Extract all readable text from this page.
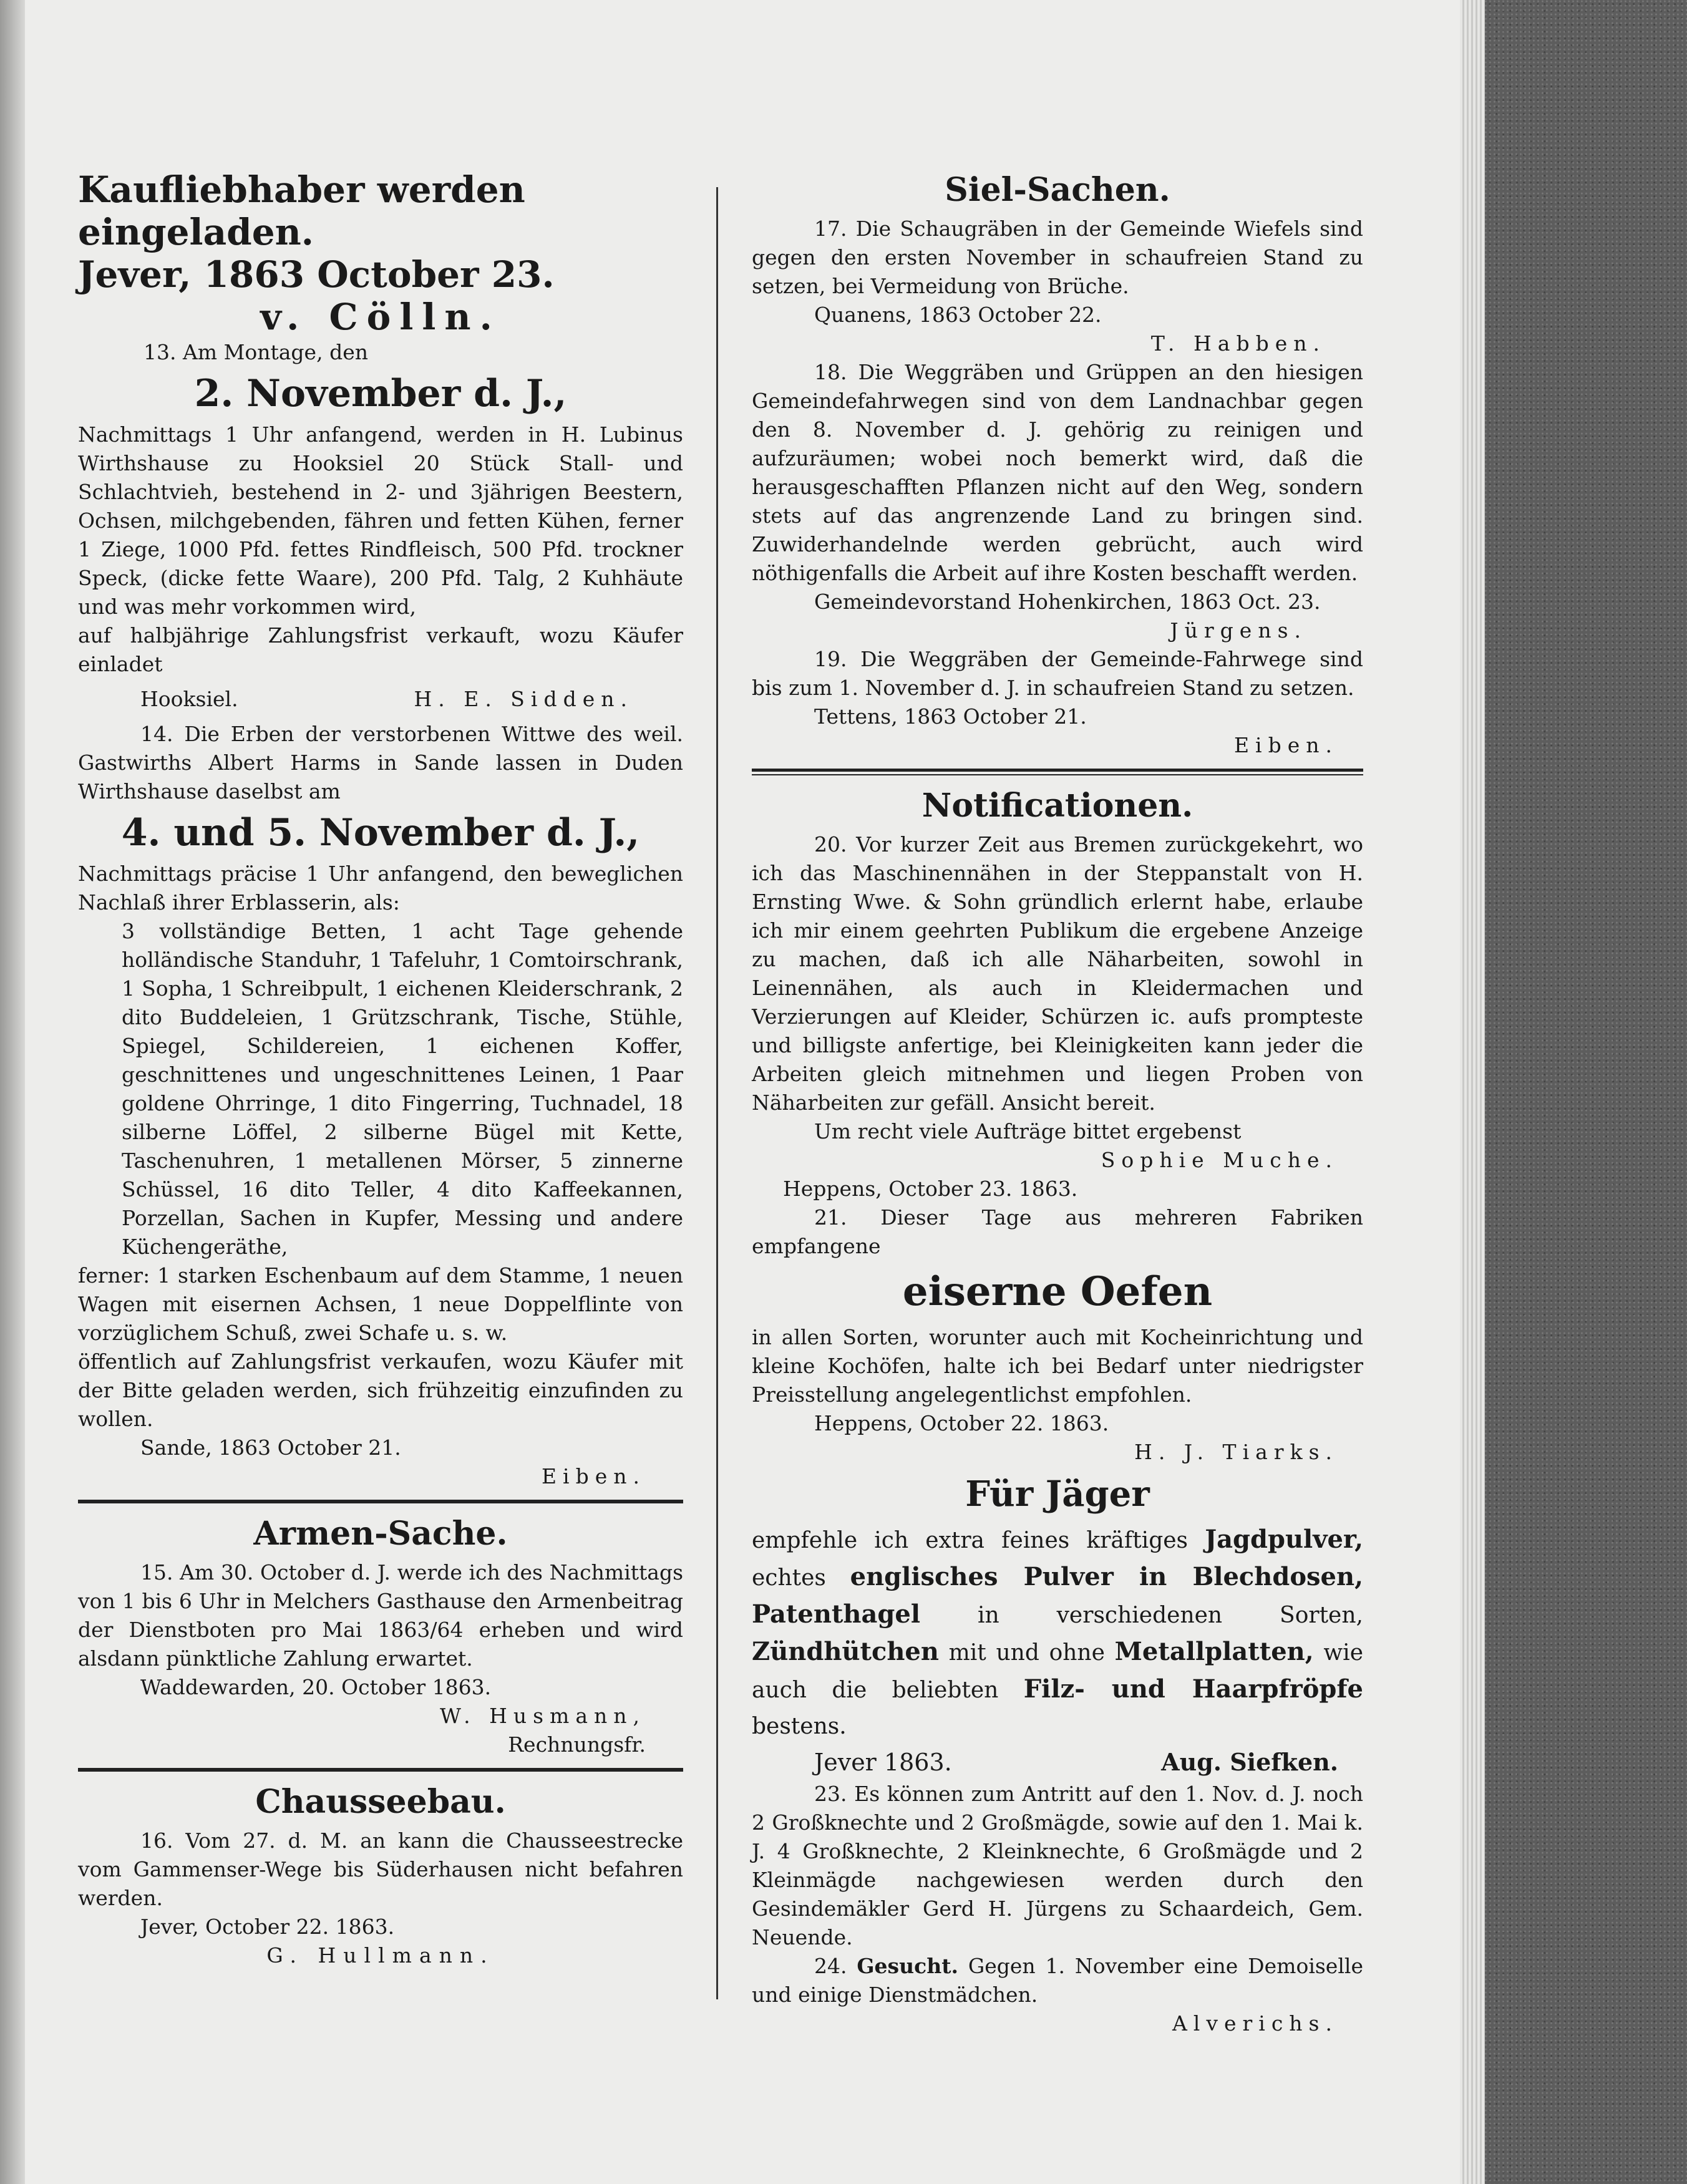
Kaufliebhaber werden eingeladen.

Jever, 1863 October 23.

v. Cölln.

13. Am Montage, den

2. November d. J.,

Nachmittags 1 Uhr anfangend, werden in H. Lubinus Wirthshause zu Hooksiel 20 Stück Stall- und Schlachtvieh, bestehend in 2- und 3jährigen Beestern, Ochsen, milchgebenden, fähren und fetten Kühen, ferner 1 Ziege, 1000 Pfd. fettes Rindfleisch, 500 Pfd. trockner Speck, (dicke fette Waare), 200 Pfd. Talg, 2 Kuhhäute und was mehr vorkommen wird,

auf halbjährige Zahlungsfrist verkauft, wozu Käufer einladet

Hooksiel.	H. E. Sidden.

14. Die Erben der verstorbenen Wittwe des weil. Gastwirths Albert Harms in Sande lassen in Duden Wirthshause daselbst am

4. und 5. November d. J.,

Nachmittags präcise 1 Uhr anfangend, den beweglichen Nachlaß ihrer Erblasserin, als:

3 vollständige Betten, 1 acht Tage gehende holländische Standuhr, 1 Tafeluhr, 1 Comtoirschrank, 1 Sopha, 1 Schreibpult, 1 eichenen Kleiderschrank, 2 dito Buddeleien, 1 Grützschrank, Tische, Stühle, Spiegel, Schildereien, 1 eichenen Koffer, geschnittenes und ungeschnittenes Leinen, 1 Paar goldene Ohrringe, 1 dito Fingerring, Tuchnadel, 18 silberne Löffel, 2 silberne Bügel mit Kette, Taschenuhren, 1 metallenen Mörser, 5 zinnerne Schüssel, 16 dito Teller, 4 dito Kaffeekannen, Porzellan, Sachen in Kupfer, Messing und andere Küchengeräthe,

ferner: 1 starken Eschenbaum auf dem Stamme, 1 neuen Wagen mit eisernen Achsen, 1 neue Doppelflinte von vorzüglichem Schuß, zwei Schafe u. s. w.

öffentlich auf Zahlungsfrist verkaufen, wozu Käufer mit der Bitte geladen werden, sich frühzeitig einzufinden zu wollen.

Sande, 1863 October 21.

Eiben.

Armen-Sache.

15. Am 30. October d. J. werde ich des Nachmittags von 1 bis 6 Uhr in Melchers Gasthause den Armenbeitrag der Dienstboten pro Mai 1863/64 erheben und wird alsdann pünktliche Zahlung erwartet.

Waddewarden, 20. October 1863.

W. Husmann,

Rechnungsfr.

Chausseebau.

16. Vom 27. d. M. an kann die Chausseestrecke vom Gammenser-Wege bis Süderhausen nicht befahren werden.

Jever, October 22. 1863.

G. Hullmann.

Siel-Sachen.

17. Die Schaugräben in der Gemeinde Wiefels sind gegen den ersten November in schaufreien Stand zu setzen, bei Vermeidung von Brüche.

Quanens, 1863 October 22.

T. Habben.

18. Die Weggräben und Grüppen an den hiesigen Gemeindefahrwegen sind von dem Landnachbar gegen den 8. November d. J. gehörig zu reinigen und aufzuräumen; wobei noch bemerkt wird, daß die herausgeschafften Pflanzen nicht auf den Weg, sondern stets auf das angrenzende Land zu bringen sind. Zuwiderhandelnde werden gebrücht, auch wird nöthigenfalls die Arbeit auf ihre Kosten beschafft werden.

Gemeindevorstand Hohenkirchen, 1863 Oct. 23.

Jürgens.

19. Die Weggräben der Gemeinde-Fahrwege sind bis zum 1. November d. J. in schaufreien Stand zu setzen.

Tettens, 1863 October 21.

Eiben.

Notificationen.

20. Vor kurzer Zeit aus Bremen zurückgekehrt, wo ich das Maschinennähen in der Steppanstalt von H. Ernsting Wwe. & Sohn gründlich erlernt habe, erlaube ich mir einem geehrten Publikum die ergebene Anzeige zu machen, daß ich alle Näharbeiten, sowohl in Leinennähen, als auch in Kleidermachen und Verzierungen auf Kleider, Schürzen ic. aufs prompteste und billigste anfertige, bei Kleinigkeiten kann jeder die Arbeiten gleich mitnehmen und liegen Proben von Näharbeiten zur gefäll. Ansicht bereit.

Um recht viele Aufträge bittet ergebenst

Sophie Muche.

Heppens, October 23. 1863.

21. Dieser Tage aus mehreren Fabriken empfangene

eiserne Oefen

in allen Sorten, worunter auch mit Kocheinrichtung und kleine Kochöfen, halte ich bei Bedarf unter niedrigster Preisstellung angelegentlichst empfohlen.

Heppens, October 22. 1863.

H. J. Tiarks.

Für Jäger

empfehle ich extra feines kräftiges Jagdpulver, echtes englisches Pulver in Blechdosen, Patenthagel	in verschiedenen Sorten, Zündhütchen mit und ohne Metallplatten, wie auch die beliebten Filz- und Haarpfröpfe bestens.

Jever 1863.	Aug. Siefken.

23. Es können zum Antritt auf den 1. Nov. d. J. noch 2 Großknechte und 2 Großmägde, sowie auf den 1. Mai k. J. 4 Großknechte, 2 Kleinknechte, 6 Großmägde und 2 Kleinmägde nachgewiesen werden durch den Gesindemäkler Gerd H. Jürgens zu Schaardeich, Gem. Neuende.

24. Gesucht. Gegen 1. November eine Demoiselle und einige Dienstmädchen.

Alverichs.
